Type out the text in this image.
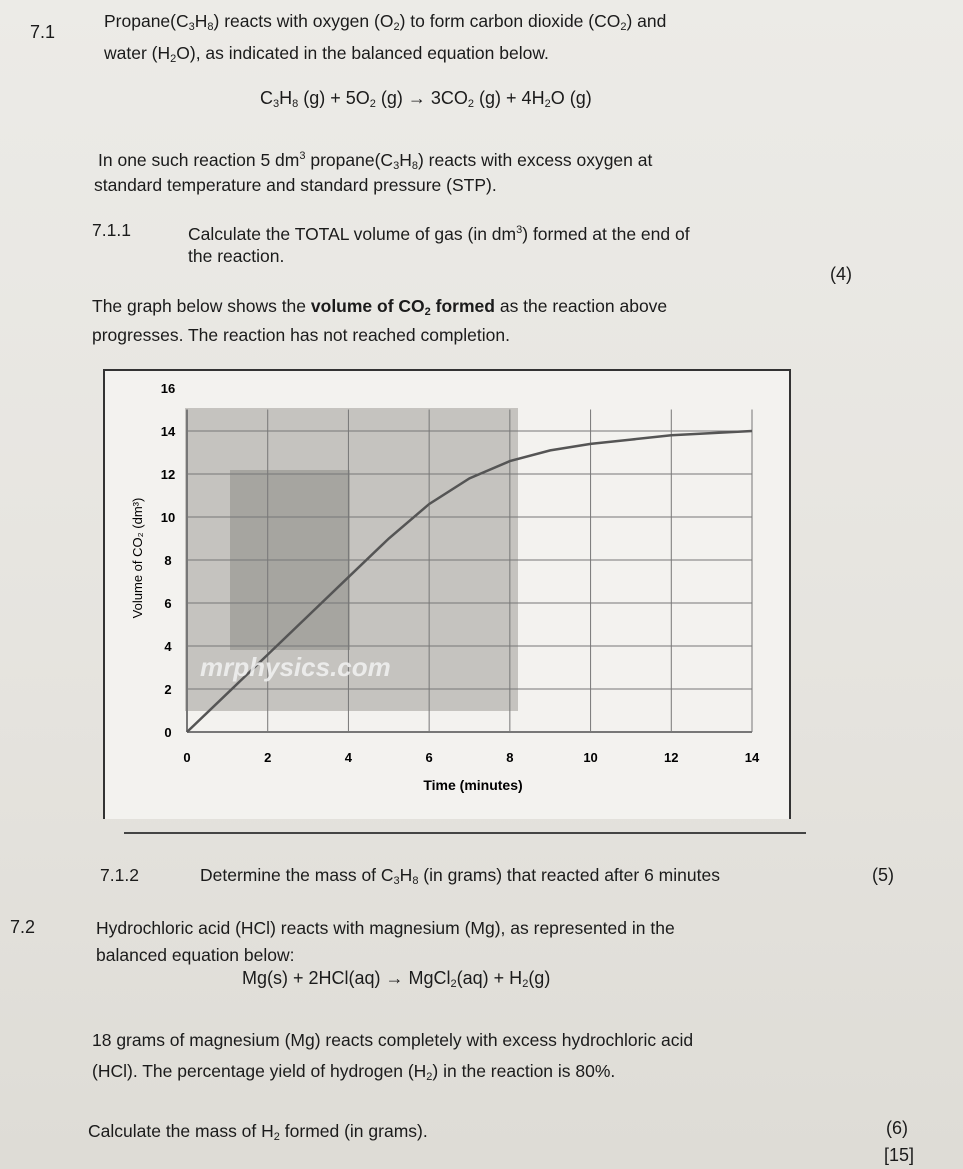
7.1
$Propane(C_3H_8)$ reacts with oxygen $(O_2)$ to form carbon dioxide $(CO_2)$ and
water $(H_2O)$, as indicated in the balanced equation below.
$C_3H_8$ $(g) + 5O_2$ $(g) \to 3CO_2$ $(g) + 4H_2O$ (g)
In one such reaction 5 $dm^3$ $propane(C_3H_8)$ reacts with excess oxygen at
standard temperature and standard pressure (STP).
7.1.1	Calculate the TOTAL volume of gas (in $dm^3$) formed at the end of
the reaction.
(4)
The graph below shows the volume of $CO_2$ formed as the reaction above
progresses. The reaction has not reached completion.
0	2	4	6	8	10	12	14
0
2
4
6
8
10
12
14
16
mrphysics.com
Time (minutes)
Volume of CO₂ (dm³)
7.1.2	Determine the mass of $C_3H_8$ (in grams) that reacted after 6 minutes	(5)
7.2	Hydrochloric acid (HCl) reacts with magnesium (Mg), as represented in the
balanced equation below:
Mg(s) + 2HCl(aq) → MgCl$_2$(aq) + $H_2(g)$
18 grams of magnesium (Mg) reacts completely with excess hydrochloric acid
(HCl). The percentage yield of hydrogen $(H_2)$ in the reaction is 80%.
Calculate the mass of $H_2$ formed (in grams).	(6)
[15]
